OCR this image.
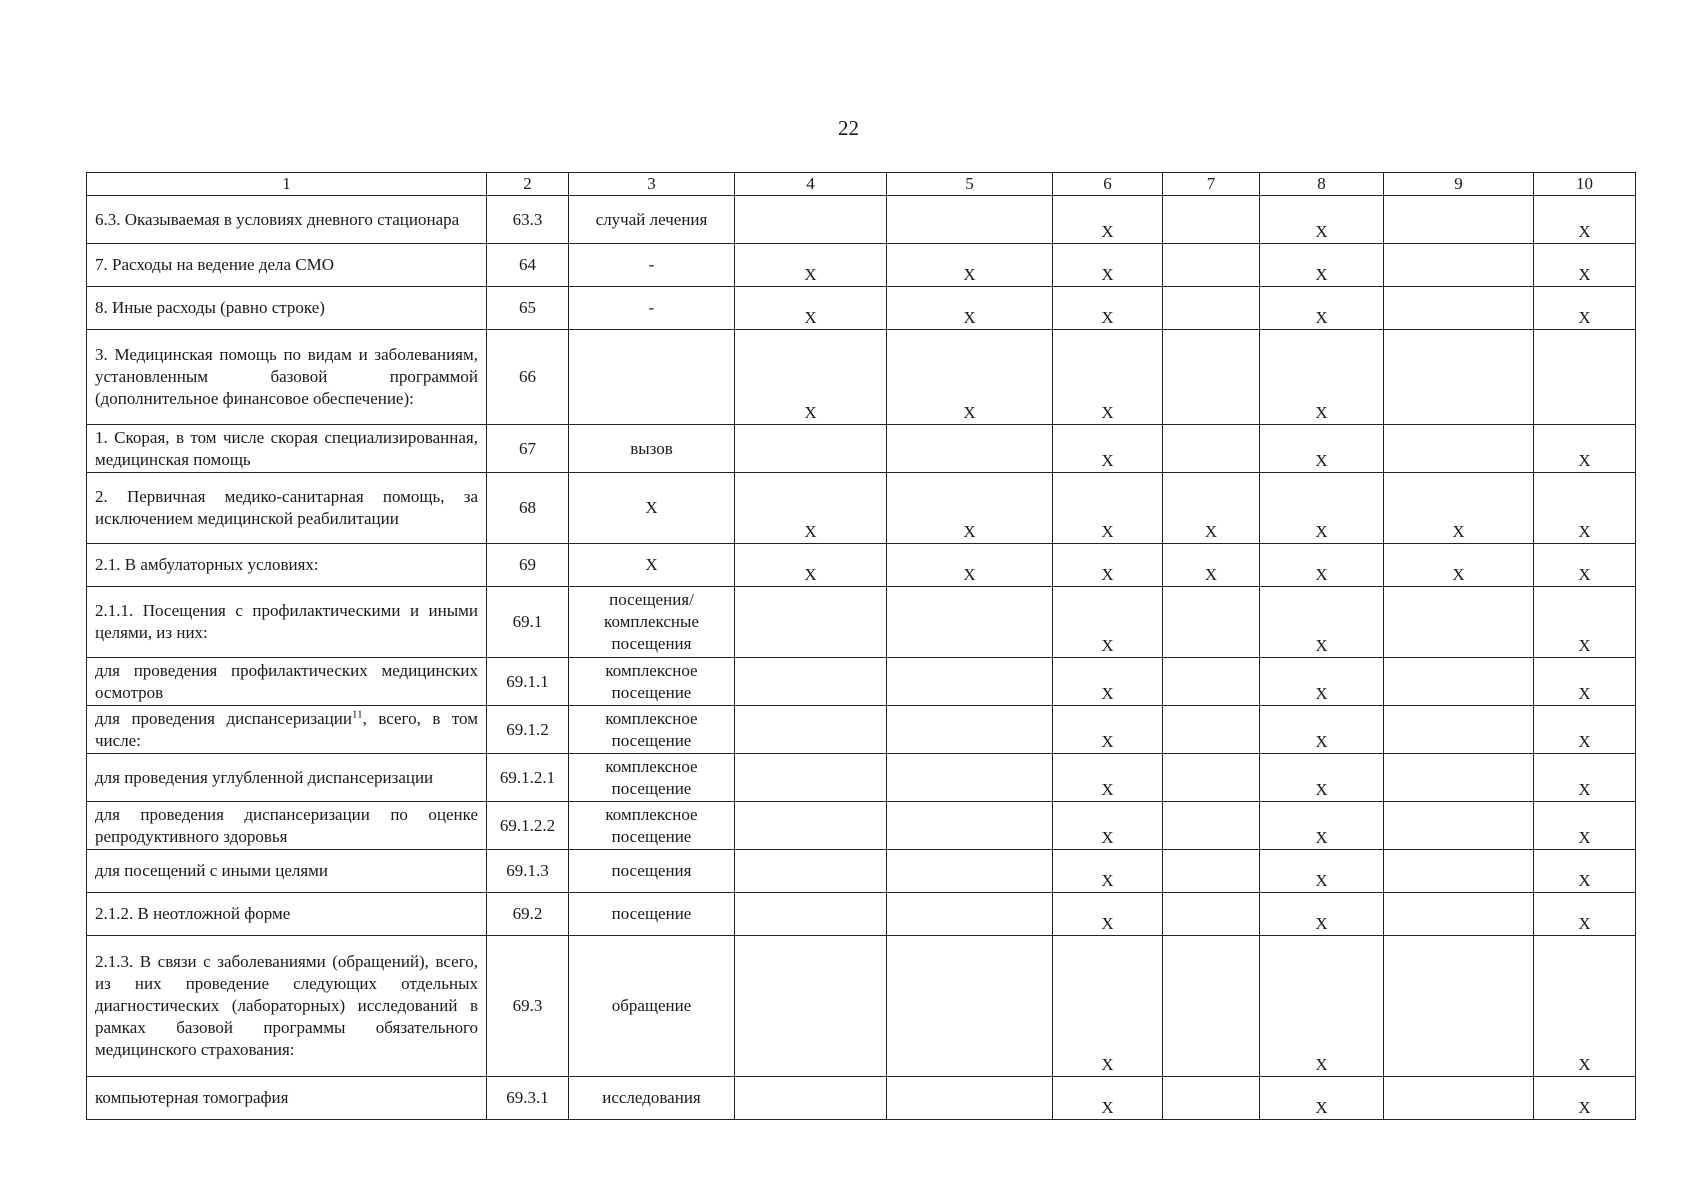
22
1	2	3	4	5	6	7	8	9	10
6.3. Оказываемая в условиях дневного стационара	63.3	случай лечения			Х		Х		Х
7. Расходы на ведение дела СМО	64	-	Х	Х	Х		Х		Х
8. Иные расходы (равно строке)	65	-	Х	Х	Х		Х		Х
3. Медицинская помощь по видам и заболеваниям, установленным базовой программой (дополнительное финансовое обеспечение):	66		Х	Х	Х		Х		
1. Скорая, в том числе скорая специализированная, медицинская помощь	67	вызов			Х		Х		Х
2. Первичная медико-санитарная помощь, за исключением медицинской реабилитации	68	Х	Х	Х	Х	Х	Х	Х	Х
2.1. В амбулаторных условиях:	69	Х	Х	Х	Х	Х	Х	Х	Х
2.1.1. Посещения с профилактическими и иными целями, из них:	69.1	посещения/комплексные посещения			Х		Х		Х
для проведения профилактических медицинских осмотров	69.1.1	комплексное посещение			Х		Х		Х
для проведения диспансеризации$^{11}$, всего, в том числе:	69.1.2	комплексное посещение			Х		Х		Х
для проведения углубленной диспансеризации	69.1.2.1	комплексное посещение			Х		Х		Х
для проведения диспансеризации по оценке репродуктивного здоровья	69.1.2.2	комплексное посещение			Х		Х		Х
для посещений с иными целями	69.1.3	посещения			Х		Х		Х
2.1.2. В неотложной форме	69.2	посещение			Х		Х		Х
2.1.3. В связи с заболеваниями (обращений), всего, из них проведение следующих отдельных диагностических (лабораторных) исследований в рамках базовой программы обязательного медицинского страхования:	69.3	обращение			Х		Х		Х
компьютерная томография	69.3.1	исследования			Х		Х		Х
